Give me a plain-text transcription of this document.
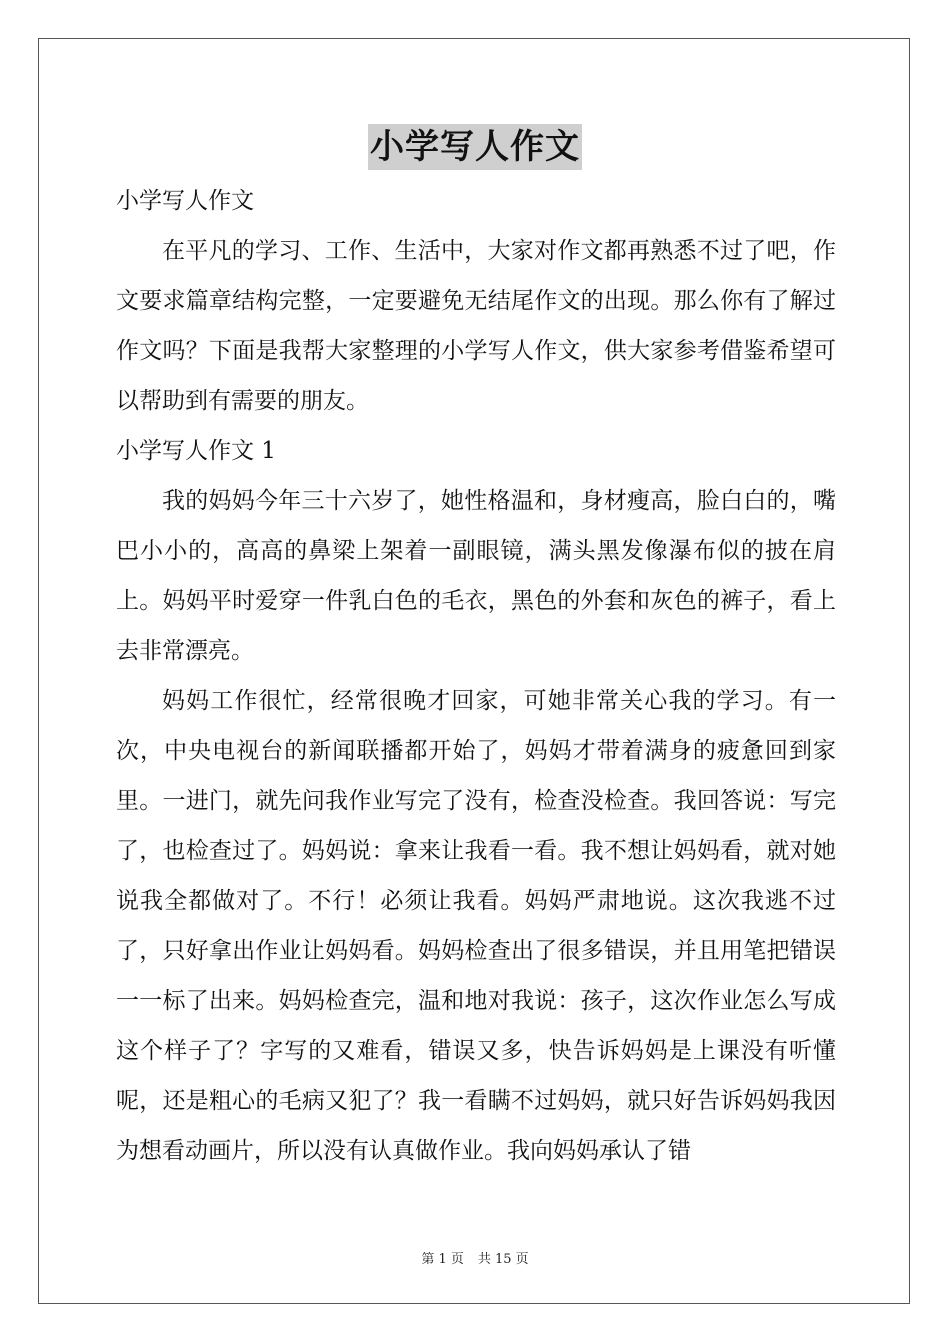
小学写人作文

小学写人作文

在平凡的学习、工作、生活中，大家对作文都再熟悉不过了吧，作文要求篇章结构完整，一定要避免无结尾作文的出现。那么你有了解过作文吗？下面是我帮大家整理的小学写人作文，供大家参考借鉴希望可以帮助到有需要的朋友。

小学写人作文 1

我的妈妈今年三十六岁了，她性格温和，身材瘦高，脸白白的，嘴巴小小的，高高的鼻梁上架着一副眼镜，满头黑发像瀑布似的披在肩上。妈妈平时爱穿一件乳白色的毛衣，黑色的外套和灰色的裤子，看上去非常漂亮。

妈妈工作很忙，经常很晚才回家，可她非常关心我的学习。有一次，中央电视台的新闻联播都开始了，妈妈才带着满身的疲惫回到家里。一进门，就先问我作业写完了没有，检查没检查。我回答说：写完了，也检查过了。妈妈说：拿来让我看一看。我不想让妈妈看，就对她说我全都做对了。不行！必须让我看。妈妈严肃地说。这次我逃不过了，只好拿出作业让妈妈看。妈妈检查出了很多错误，并且用笔把错误一一标了出来。妈妈检查完，温和地对我说：孩子，这次作业怎么写成这个样子了？字写的又难看，错误又多，快告诉妈妈是上课没有听懂呢，还是粗心的毛病又犯了？我一看瞒不过妈妈，就只好告诉妈妈我因为想看动画片，所以没有认真做作业。我向妈妈承认了错

第 1 页 共 15 页
